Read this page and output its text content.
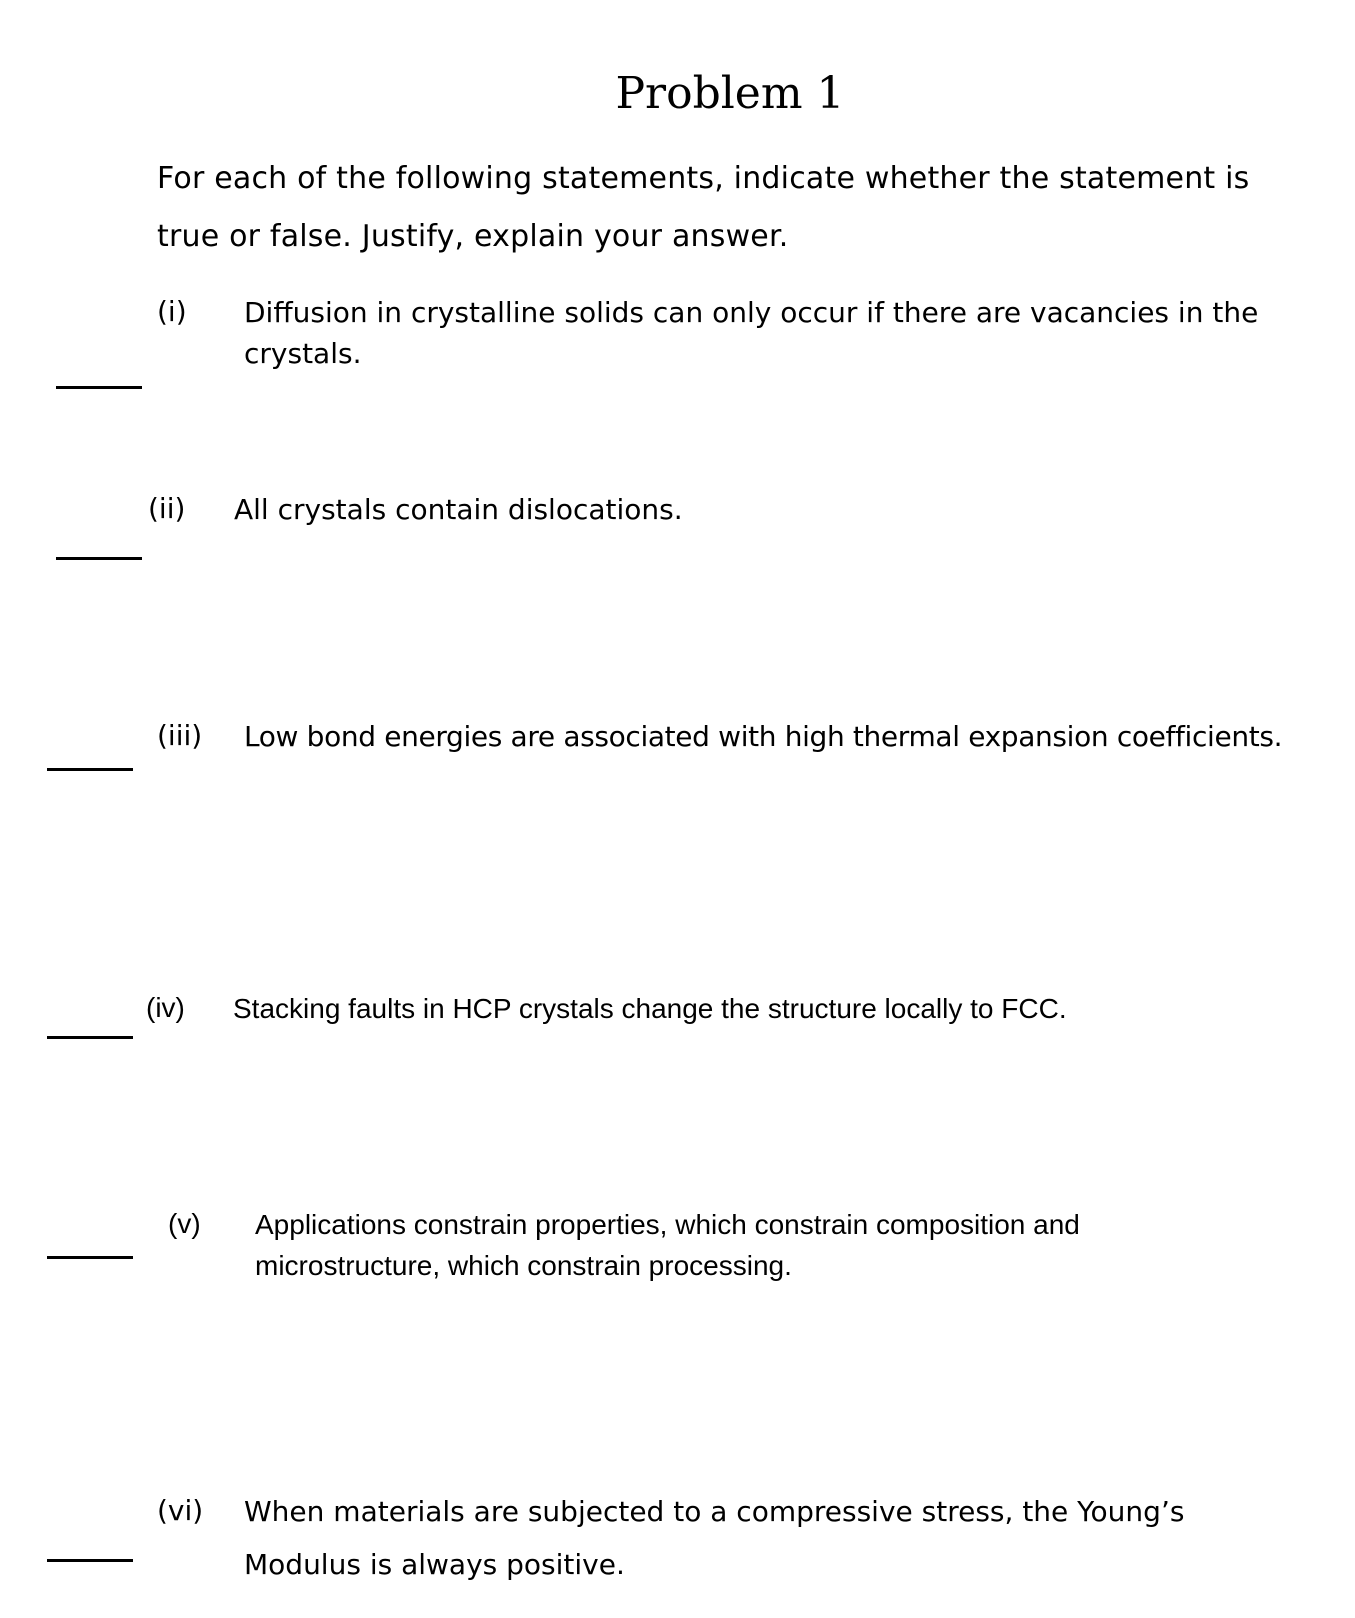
Problem 1
For each of the following statements, indicate whether the statement is true or false. Justify, explain your answer.
(i) Diffusion in crystalline solids can only occur if there are vacancies in the crystals.
(ii) All crystals contain dislocations.
(iii) Low bond energies are associated with high thermal expansion coefficients.
(iv) Stacking faults in HCP crystals change the structure locally to FCC.
(v) Applications constrain properties, which constrain composition and microstructure, which constrain processing.
(vi) When materials are subjected to a compressive stress, the Young’s Modulus is always positive.
